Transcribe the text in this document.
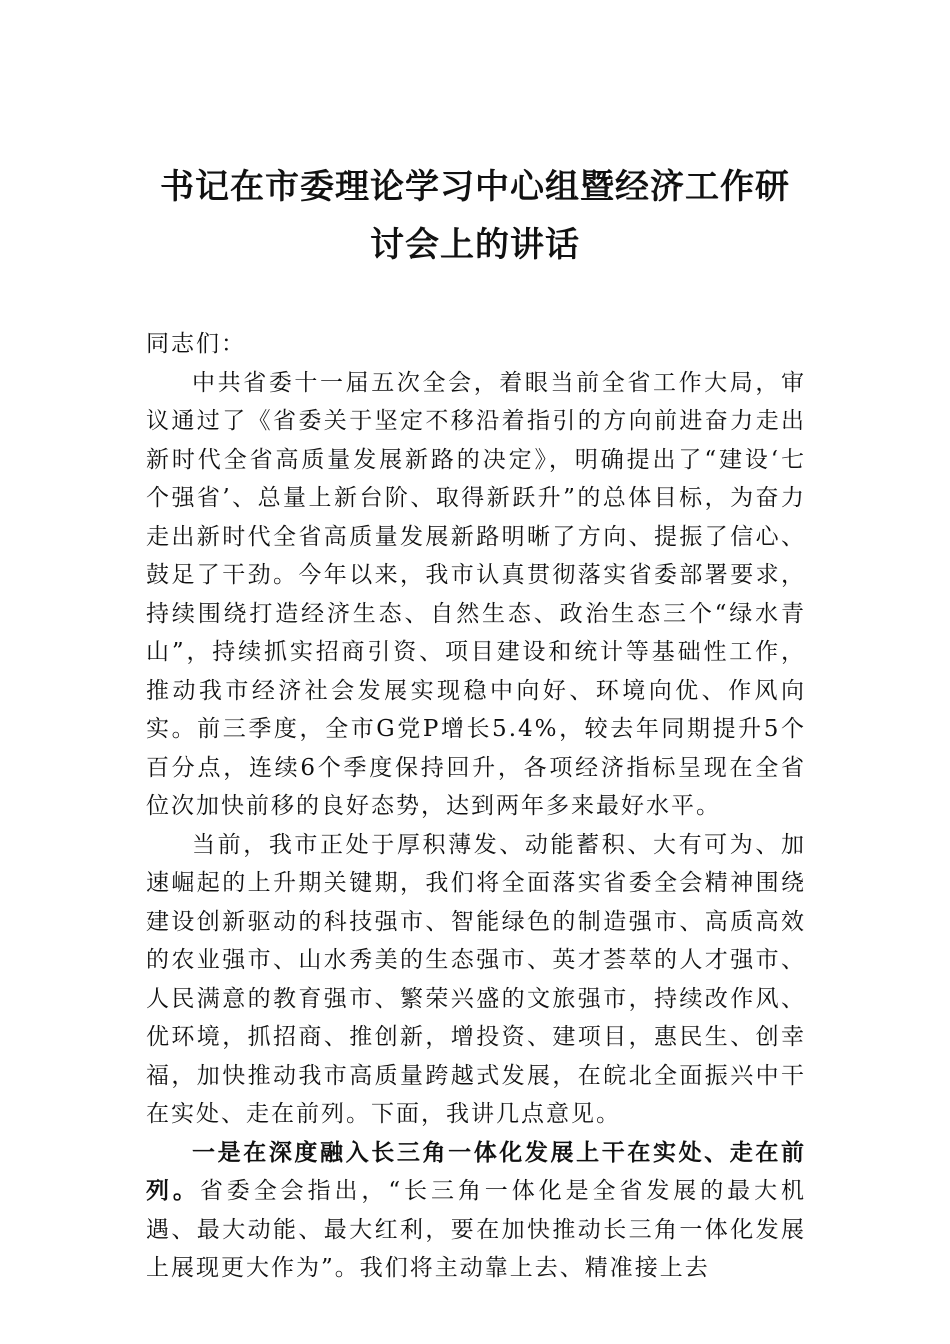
书记在市委理论学习中心组暨经济工作研
讨会上的讲话

同志们：

中共省委十一届五次全会，着眼当前全省工作大局，审议通过了《省委关于坚定不移沿着指引的方向前进奋力走出新时代全省高质量发展新路的决定》，明确提出了“建设‘七个强省’、总量上新台阶、取得新跃升”的总体目标，为奋力走出新时代全省高质量发展新路明晰了方向、提振了信心、鼓足了干劲。今年以来，我市认真贯彻落实省委部署要求，持续围绕打造经济生态、自然生态、政治生态三个“绿水青山”，持续抓实招商引资、项目建设和统计等基础性工作，推动我市经济社会发展实现稳中向好、环境向优、作风向实。前三季度，全市G党P增长5.4%，较去年同期提升5个百分点，连续6个季度保持回升，各项经济指标呈现在全省位次加快前移的良好态势，达到两年多来最好水平。

当前，我市正处于厚积薄发、动能蓄积、大有可为、加速崛起的上升期关键期，我们将全面落实省委全会精神围绕建设创新驱动的科技强市、智能绿色的制造强市、高质高效的农业强市、山水秀美的生态强市、英才荟萃的人才强市、人民满意的教育强市、繁荣兴盛的文旅强市，持续改作风、优环境，抓招商、推创新，增投资、建项目，惠民生、创幸福，加快推动我市高质量跨越式发展，在皖北全面振兴中干在实处、走在前列。下面，我讲几点意见。

一是在深度融入长三角一体化发展上干在实处、走在前列。省委全会指出，“长三角一体化是全省发展的最大机遇、最大动能、最大红利，要在加快推动长三角一体化发展上展现更大作为”。我们将主动靠上去、精准接上去
